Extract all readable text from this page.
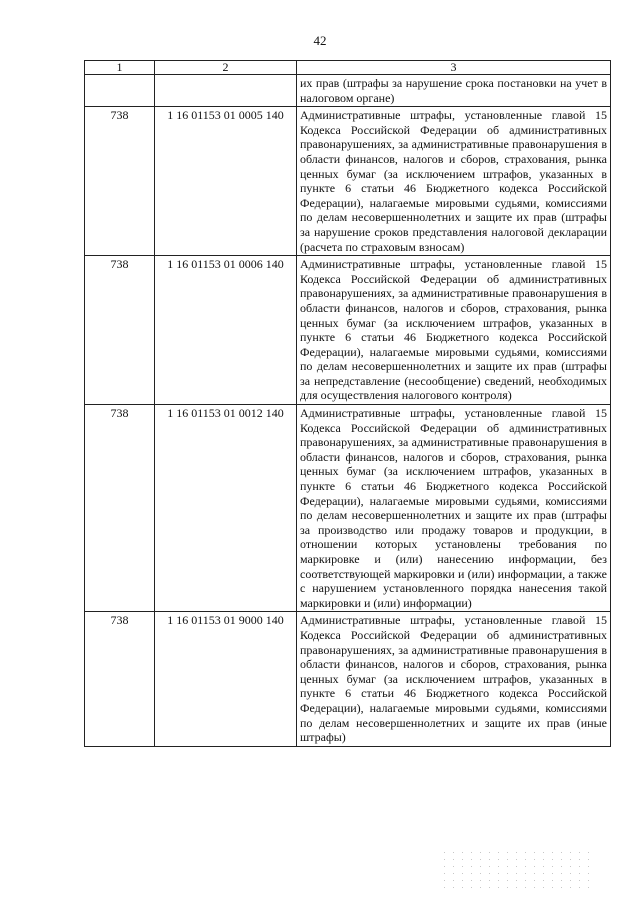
42
1	2	3
		их прав (штрафы за нарушение срока постановки на учет в налоговом органе)
738	1 16 01153 01 0005 140	Административные штрафы, установленные главой 15 Кодекса Российской Федерации об административных правонарушениях, за административные правонарушения в области финансов, налогов и сборов, страхования, рынка ценных бумаг (за исключением штрафов, указанных в пункте 6 статьи 46 Бюджетного кодекса Российской Федерации), налагаемые мировыми судьями, комиссиями по делам несовершеннолетних и защите их прав (штрафы за нарушение сроков представления налоговой декларации (расчета по страховым взносам)
738	1 16 01153 01 0006 140	Административные штрафы, установленные главой 15 Кодекса Российской Федерации об административных правонарушениях, за административные правонарушения в области финансов, налогов и сборов, страхования, рынка ценных бумаг (за исключением штрафов, указанных в пункте 6 статьи 46 Бюджетного кодекса Российской Федерации), налагаемые мировыми судьями, комиссиями по делам несовершеннолетних и защите их прав (штрафы за непредставление (несообщение) сведений, необходимых для осуществления налогового контроля)
738	1 16 01153 01 0012 140	Административные штрафы, установленные главой 15 Кодекса Российской Федерации об административных правонарушениях, за административные правонарушения в области финансов, налогов и сборов, страхования, рынка ценных бумаг (за исключением штрафов, указанных в пункте 6 статьи 46 Бюджетного кодекса Российской Федерации), налагаемые мировыми судьями, комиссиями по делам несовершеннолетних и защите их прав (штрафы за производство или продажу товаров и продукции, в отношении которых установлены требования по маркировке и (или) нанесению информации, без соответствующей маркировки и (или) информации, а также с нарушением установленного порядка нанесения такой маркировки и (или) информации)
738	1 16 01153 01 9000 140	Административные штрафы, установленные главой 15 Кодекса Российской Федерации об административных правонарушениях, за административные правонарушения в области финансов, налогов и сборов, страхования, рынка ценных бумаг (за исключением штрафов, указанных в пункте 6 статьи 46 Бюджетного кодекса Российской Федерации), налагаемые мировыми судьями, комиссиями по делам несовершеннолетних и защите их прав (иные штрафы)
